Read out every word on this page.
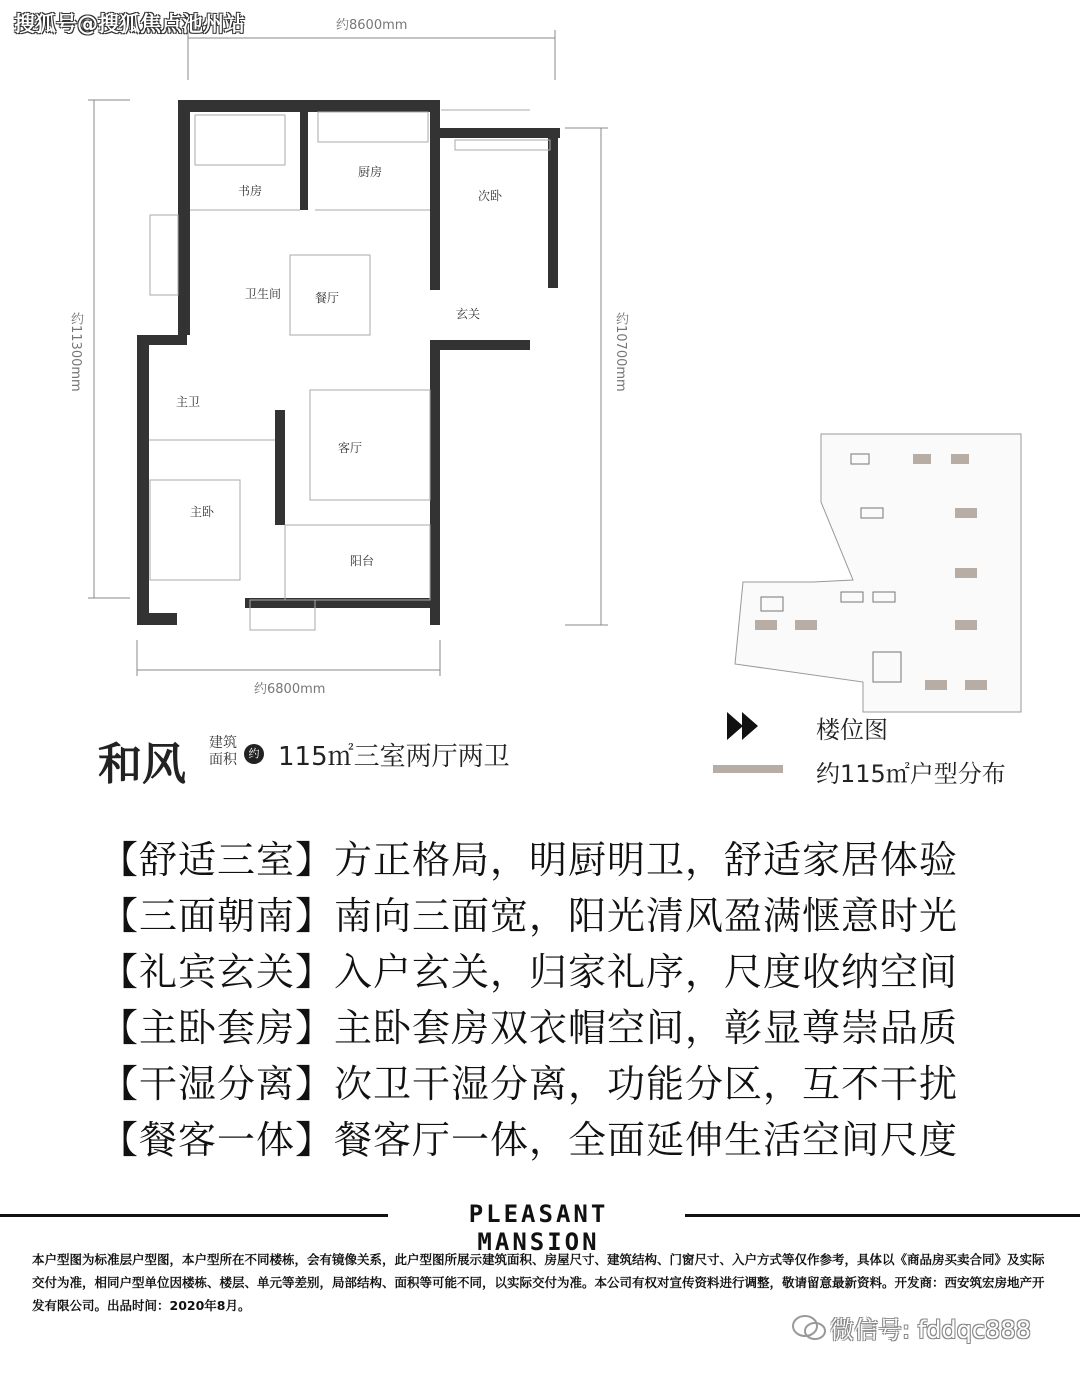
搜狐号@搜狐焦点池州站
书房
厨房
次卧
卫生间	餐厅
玄关
主卫
客厅
主卧
阳台
约8600mm
约6800mm
约11300mm	约10700mm
和风 建筑
面积	约 115㎡三室两厅两卫
楼位图
约115㎡户型分布
【舒适三室】方正格局，明厨明卫，舒适家居体验
【三面朝南】南向三面宽，阳光清风盈满惬意时光
【礼宾玄关】入户玄关，归家礼序，尺度收纳空间
【主卧套房】主卧套房双衣帽空间，彰显尊崇品质
【干湿分离】次卫干湿分离，功能分区，互不干扰
【餐客一体】餐客厅一体，全面延伸生活空间尺度
PLEASANT MANSION
本户型图为标准层户型图，本户型所在不同楼栋，会有镜像关系，此户型图所展示建筑面积、房屋尺寸、建筑结构、门窗尺寸、入户方式等仅作参考，具体以《商品房买卖合同》及实际交付为准，相同户型单位因楼栋、楼层、单元等差别，局部结构、面积等可能不同，以实际交付为准。本公司有权对宣传资料进行调整，敬请留意最新资料。开发商：西安筑宏房地产开发有限公司。出品时间：2020年8月。
微信号: fddqc888
